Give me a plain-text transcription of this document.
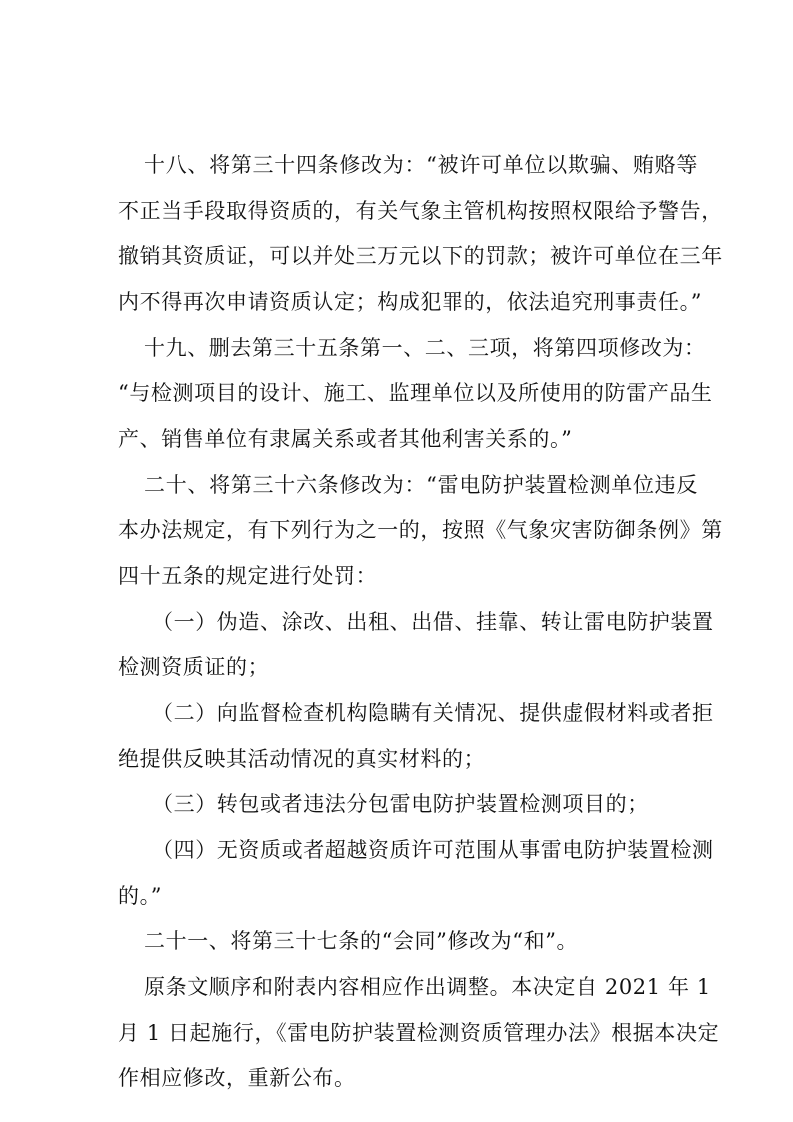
十八、将第三十四条修改为：“被许可单位以欺骗、贿赂等
不正当手段取得资质的，有关气象主管机构按照权限给予警告，
撤销其资质证，可以并处三万元以下的罚款；被许可单位在三年
内不得再次申请资质认定；构成犯罪的，依法追究刑事责任。”
十九、删去第三十五条第一、二、三项，将第四项修改为：
“与检测项目的设计、施工、监理单位以及所使用的防雷产品生
产、销售单位有隶属关系或者其他利害关系的。”
二十、将第三十六条修改为：“雷电防护装置检测单位违反
本办法规定，有下列行为之一的，按照《气象灾害防御条例》第
四十五条的规定进行处罚：
（一）伪造、涂改、出租、出借、挂靠、转让雷电防护装置
检测资质证的；
（二）向监督检查机构隐瞒有关情况、提供虚假材料或者拒
绝提供反映其活动情况的真实材料的；
（三）转包或者违法分包雷电防护装置检测项目的；
（四）无资质或者超越资质许可范围从事雷电防护装置检测
的。”
二十一、将第三十七条的“会同”修改为“和”。
原条文顺序和附表内容相应作出调整。本决定自 2021 年 1
月 1 日起施行，《雷电防护装置检测资质管理办法》根据本决定
作相应修改，重新公布。
